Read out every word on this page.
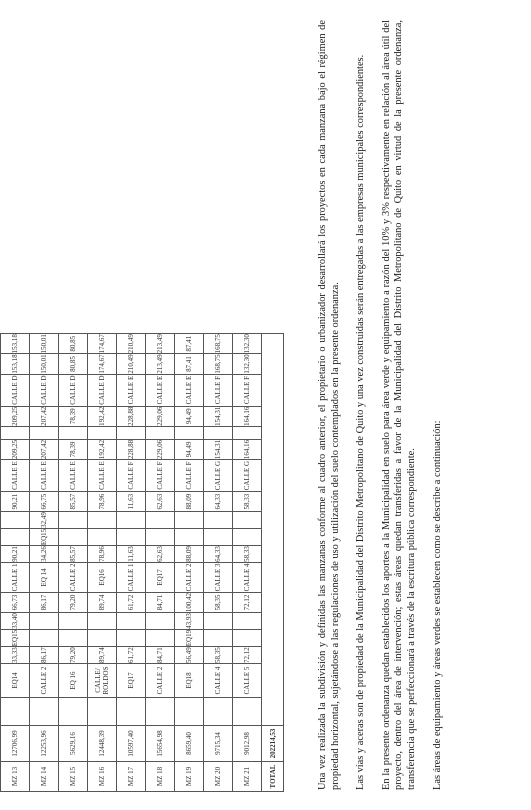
MZ 13	12706,99		EQ14	33,33	EQ15	33,40	66,73	CALLE 1	90,21			90,21	CALLE E	209,25		209,25	CALLE D	153,18	153,18
MZ 14	12253,96		CALLE 2	86,17			86,17	EQ 14	34,26	EQ15	32,49	66,75	CALLE E	207,42		207,42	CALLE D	150,01	150,01
MZ 15	5629,16		EQ 16	79,20			79,20	CALLE 2	85,57			85,57	CALLE E	78,39		78,39	CALLE D	80,85	80,85
MZ 16	12448,39		CALLE/ ROLDOS	89,74			89,74	EQ16	78,96			78,96	CALLE E	192,42		192,42	CALLE D	174,67	174,67
MZ 17	10597,40		EQ17	61,72			61,72	CALLE 1	11,63			11,63	CALLE F	228,88		228,88	CALLE E	210,49	210,49
MZ 18	15654,98		CALLE 2	84,71			84,71	EQ17	62,63			62,63	CALLE F	229,06		229,06	CALLE E	213,49	213,49
MZ 19	8659,40		EQ18	56,49	EQ19	43,93	100,42	CALLE 2	88,09			88,09	CALLE F	94,49		94,49	CALLE E	87,41	87,41
MZ 20	9715,34		CALLE 4	58,35			58,35	CALLE 3	64,33			64,33	CALLE G	154,31		154,31	CALLE F	168,75	168,75
MZ 21	9012,98		CALLE 5	72,12			72,12	CALLE 4	58,33			58,33	CALLE G	164,16		164,16	CALLE F	132,30	132,30
TOTAL	202214,53																			Una vez realizada la subdivisión y definidas las manzanas conforme al cuadro anterior, el propietario o urbanizador desarrollará los proyectos en cada manzana bajo el régimen de propiedad horizontal, sujetándose a las regulaciones de uso y utilización del suelo contemplados en la presente ordenanza. Las vías y aceras son de propiedad de la Municipalidad del Distrito Metropolitano de Quito y una vez construidas serán entregadas a las empresas municipales correspondientes. En la presente ordenanza quedan establecidos los aportes a la Municipalidad en suelo para área verde y equipamiento a razón del 10% y 3% respectivamente en relación al área útil del proyecto, dentro del área de intervención; estas áreas quedan transferidas a favor de la Municipalidad del Distrito Metropolitano de Quito en virtud de la presente ordenanza, transferencia que se perfeccionará a través de la escritura pública correspondiente. Las áreas de equipamiento y áreas verdes se establecen como se describe a continuación:
